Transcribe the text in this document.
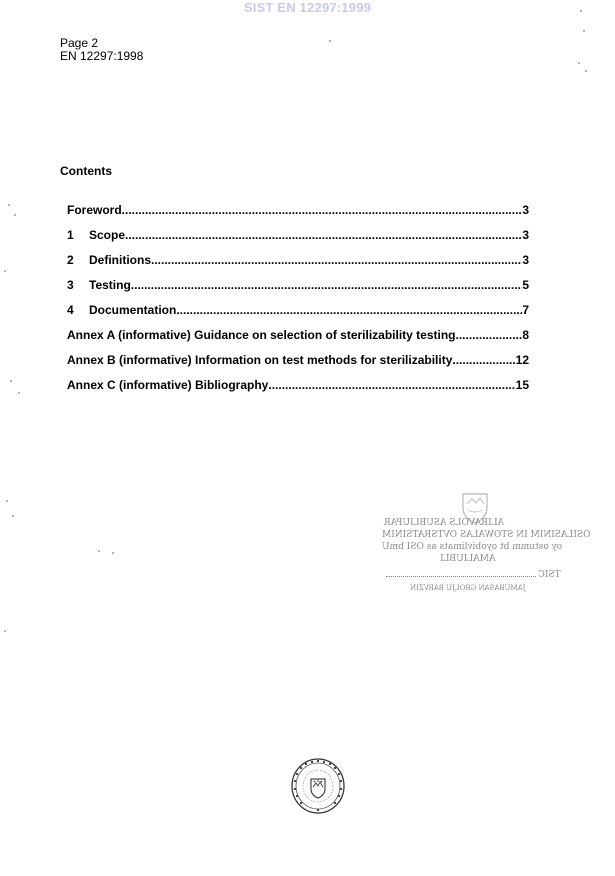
SIST EN 12297:1999
Page 2
EN 12297:1998
Contents
Foreword .....	3
1	Scope .....	3
2	Definitions .....	3
3	Testing .....	5
4	Documentation .....	7
Annex A (informative) Guidance on selection of sterilizability testing .....	8
Annex B (informative) Information on test methods for sterilizability .....	12
Annex C (informative) Bibliography .....	15
ALIRAVOLS ASUBLIUPAR
OSILASINIM IN STOWALAS OVTSRATSINIM
oy ostumm bt oyobivlimats as OSI bmU
AMALIUBLI
TSIC
JAMUBASAN GROLJU BARVZIN
